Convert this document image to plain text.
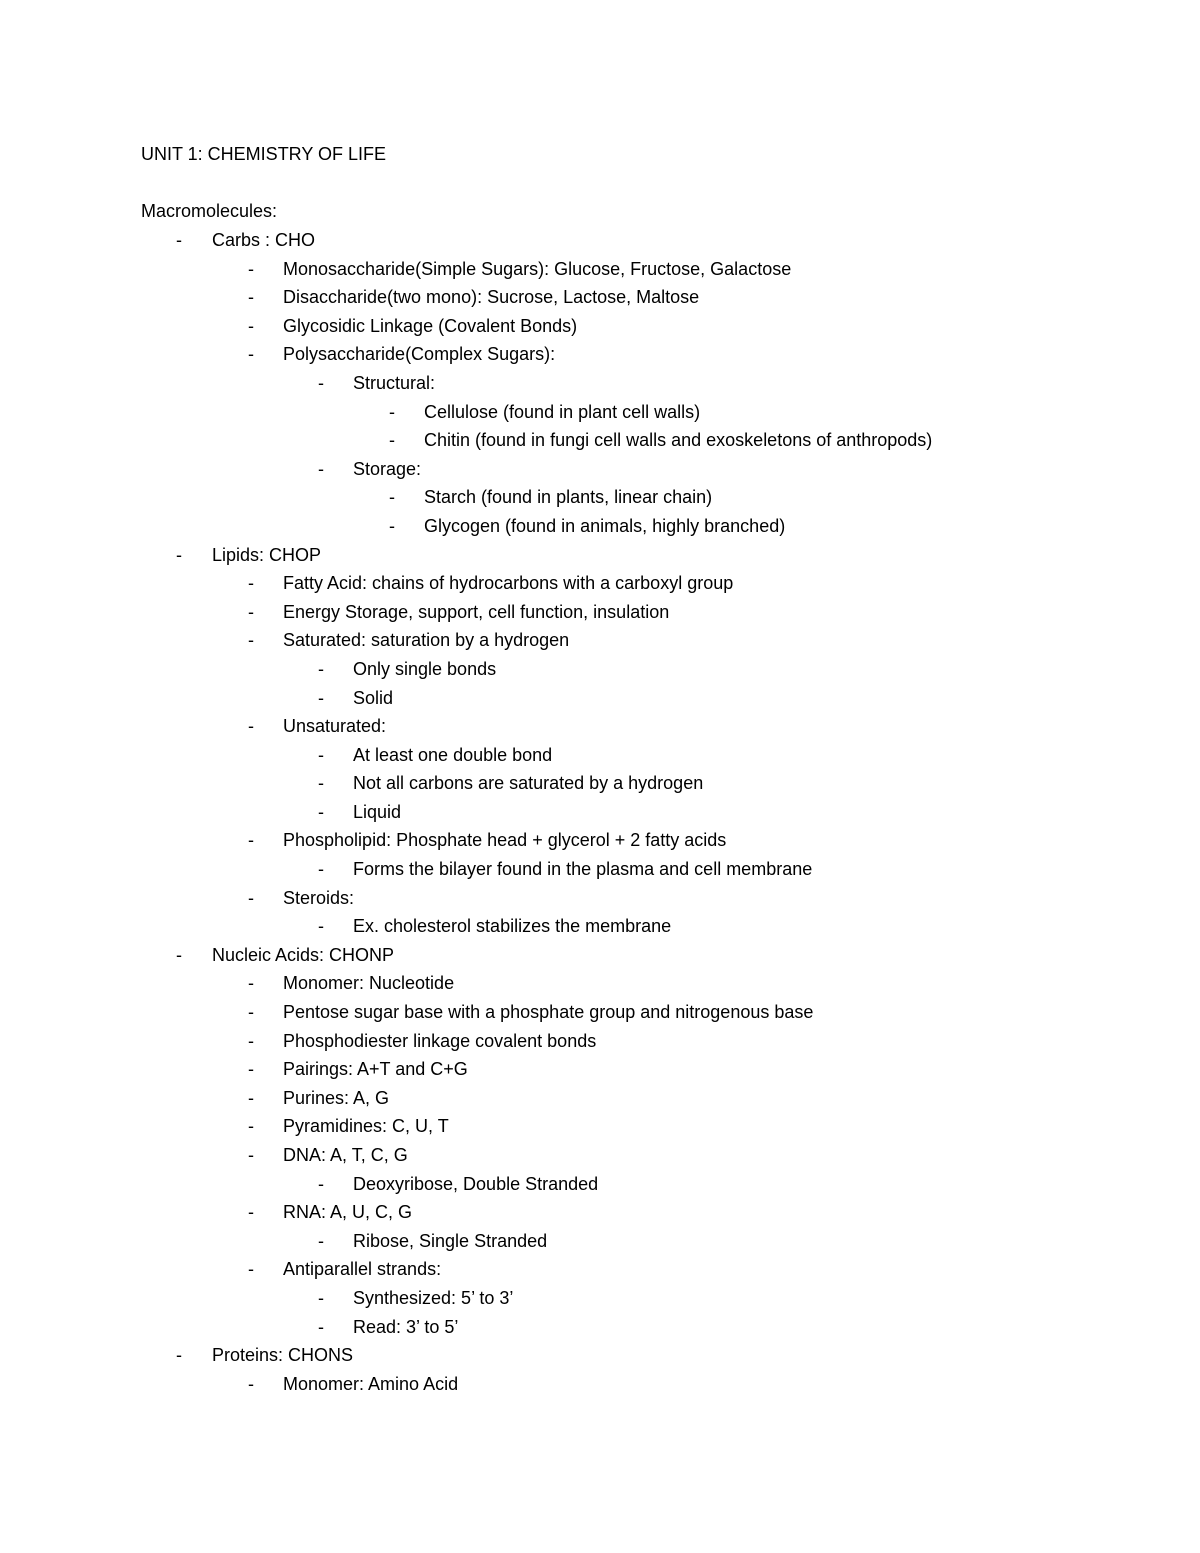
UNIT 1: CHEMISTRY OF LIFE
Macromolecules:
- Carbs : CHO
- Monosaccharide(Simple Sugars): Glucose, Fructose, Galactose
- Disaccharide(two mono): Sucrose, Lactose, Maltose
- Glycosidic Linkage (Covalent Bonds)
- Polysaccharide(Complex Sugars):
- Structural:
- Cellulose (found in plant cell walls)
- Chitin (found in fungi cell walls and exoskeletons of anthropods)
- Storage:
- Starch (found in plants, linear chain)
- Glycogen (found in animals, highly branched)
- Lipids: CHOP
- Fatty Acid: chains of hydrocarbons with a carboxyl group
- Energy Storage, support, cell function, insulation
- Saturated: saturation by a hydrogen
- Only single bonds
- Solid
- Unsaturated:
- At least one double bond
- Not all carbons are saturated by a hydrogen
- Liquid
- Phospholipid: Phosphate head + glycerol + 2 fatty acids
- Forms the bilayer found in the plasma and cell membrane
- Steroids:
- Ex. cholesterol stabilizes the membrane
- Nucleic Acids: CHONP
- Monomer: Nucleotide
- Pentose sugar base with a phosphate group and nitrogenous base
- Phosphodiester linkage covalent bonds
- Pairings: A+T and C+G
- Purines: A, G
- Pyramidines: C, U, T
- DNA: A, T, C, G
- Deoxyribose, Double Stranded
- RNA: A, U, C, G
- Ribose, Single Stranded
- Antiparallel strands:
- Synthesized: 5’ to 3’
- Read: 3’ to 5’
- Proteins: CHONS
- Monomer: Amino Acid
